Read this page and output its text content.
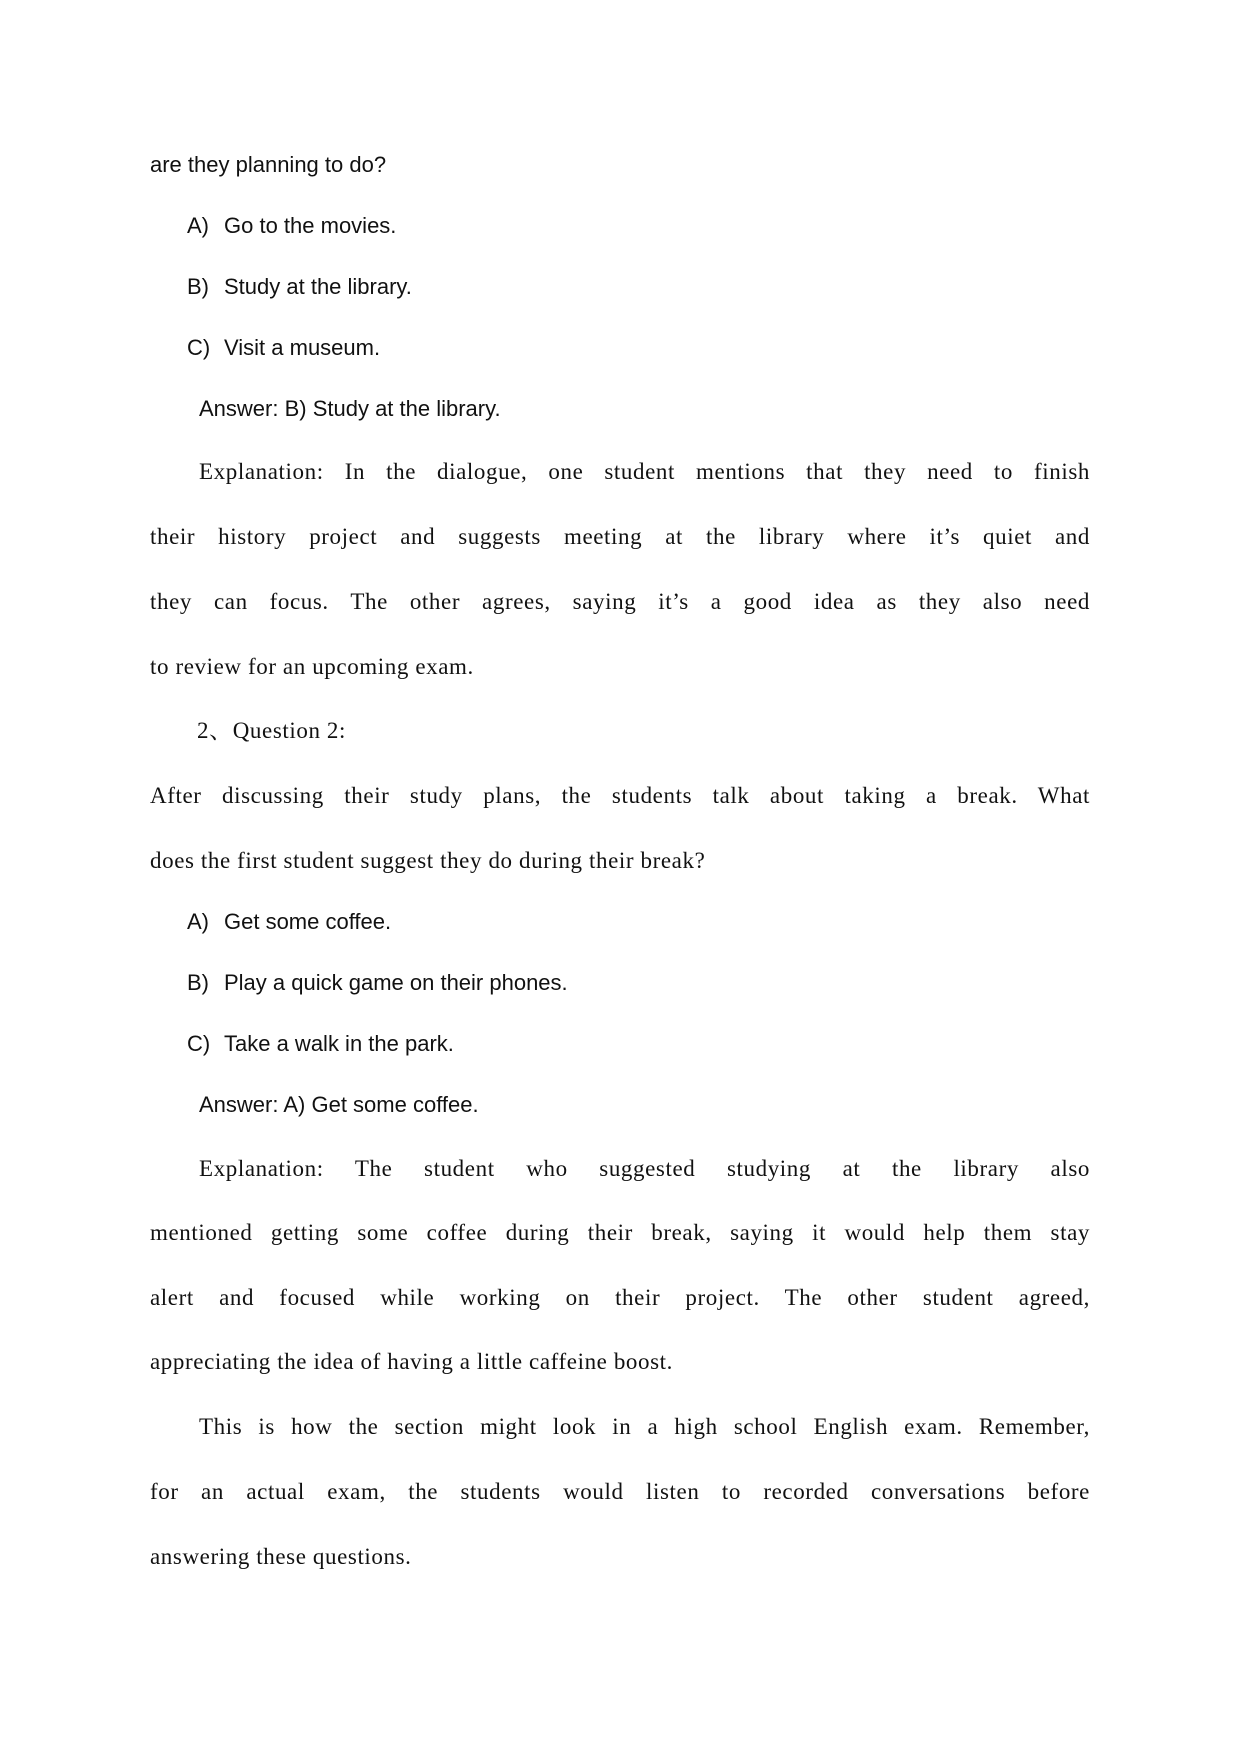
are they planning to do?
A) Go to the movies.
B) Study at the library.
C) Visit a museum.
Answer: B) Study at the library.
Explanation: In the dialogue, one student mentions that they need to finish
their history project and suggests meeting at the library where it’s quiet and
they can focus. The other agrees, saying it’s a good idea as they also need
to review for an upcoming exam.
2、Question 2:
After discussing their study plans, the students talk about taking a break. What
does the first student suggest they do during their break?
A) Get some coffee.
B) Play a quick game on their phones.
C) Take a walk in the park.
Answer: A) Get some coffee.
Explanation: The student who suggested studying at the library also
mentioned getting some coffee during their break, saying it would help them stay
alert and focused while working on their project. The other student agreed,
appreciating the idea of having a little caffeine boost.
This is how the section might look in a high school English exam. Remember,
for an actual exam, the students would listen to recorded conversations before
answering these questions.
